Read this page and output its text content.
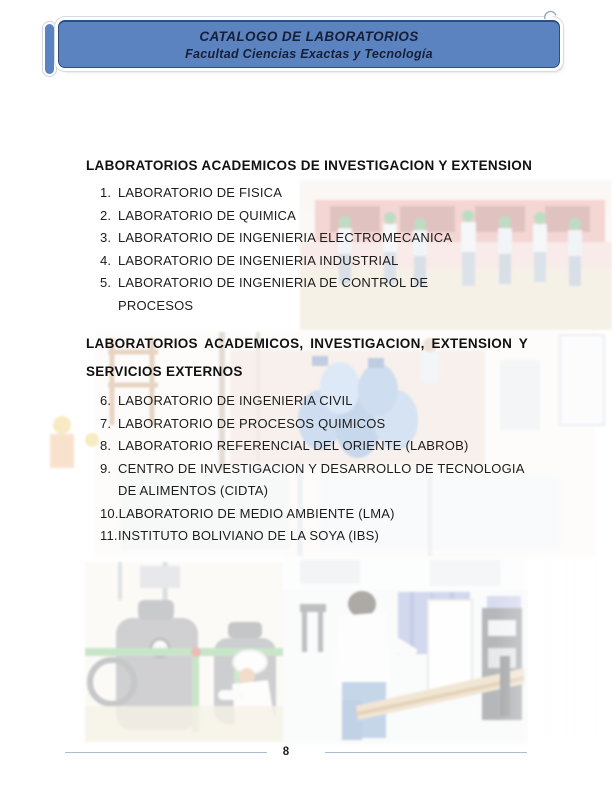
CATALOGO DE LABORATORIOS
Facultad Ciencias Exactas y Tecnología
LABORATORIOS ACADEMICOS DE INVESTIGACION Y EXTENSION
1. LABORATORIO DE FISICA
2. LABORATORIO DE QUIMICA
3. LABORATORIO DE INGENIERIA ELECTROMECANICA
4. LABORATORIO DE INGENIERIA INDUSTRIAL
5. LABORATORIO DE INGENIERIA DE CONTROL DE
PROCESOS
LABORATORIOS ACADEMICOS, INVESTIGACION, EXTENSION Y
SERVICIOS EXTERNOS
6. LABORATORIO DE INGENIERIA CIVIL
7. LABORATORIO DE PROCESOS QUIMICOS
8. LABORATORIO REFERENCIAL DEL ORIENTE (LABROB)
9. CENTRO DE INVESTIGACION Y DESARROLLO DE TECNOLOGIA
DE ALIMENTOS (CIDTA)
10. LABORATORIO DE MEDIO AMBIENTE (LMA)
11. INSTITUTO BOLIVIANO DE LA SOYA (IBS)
8
